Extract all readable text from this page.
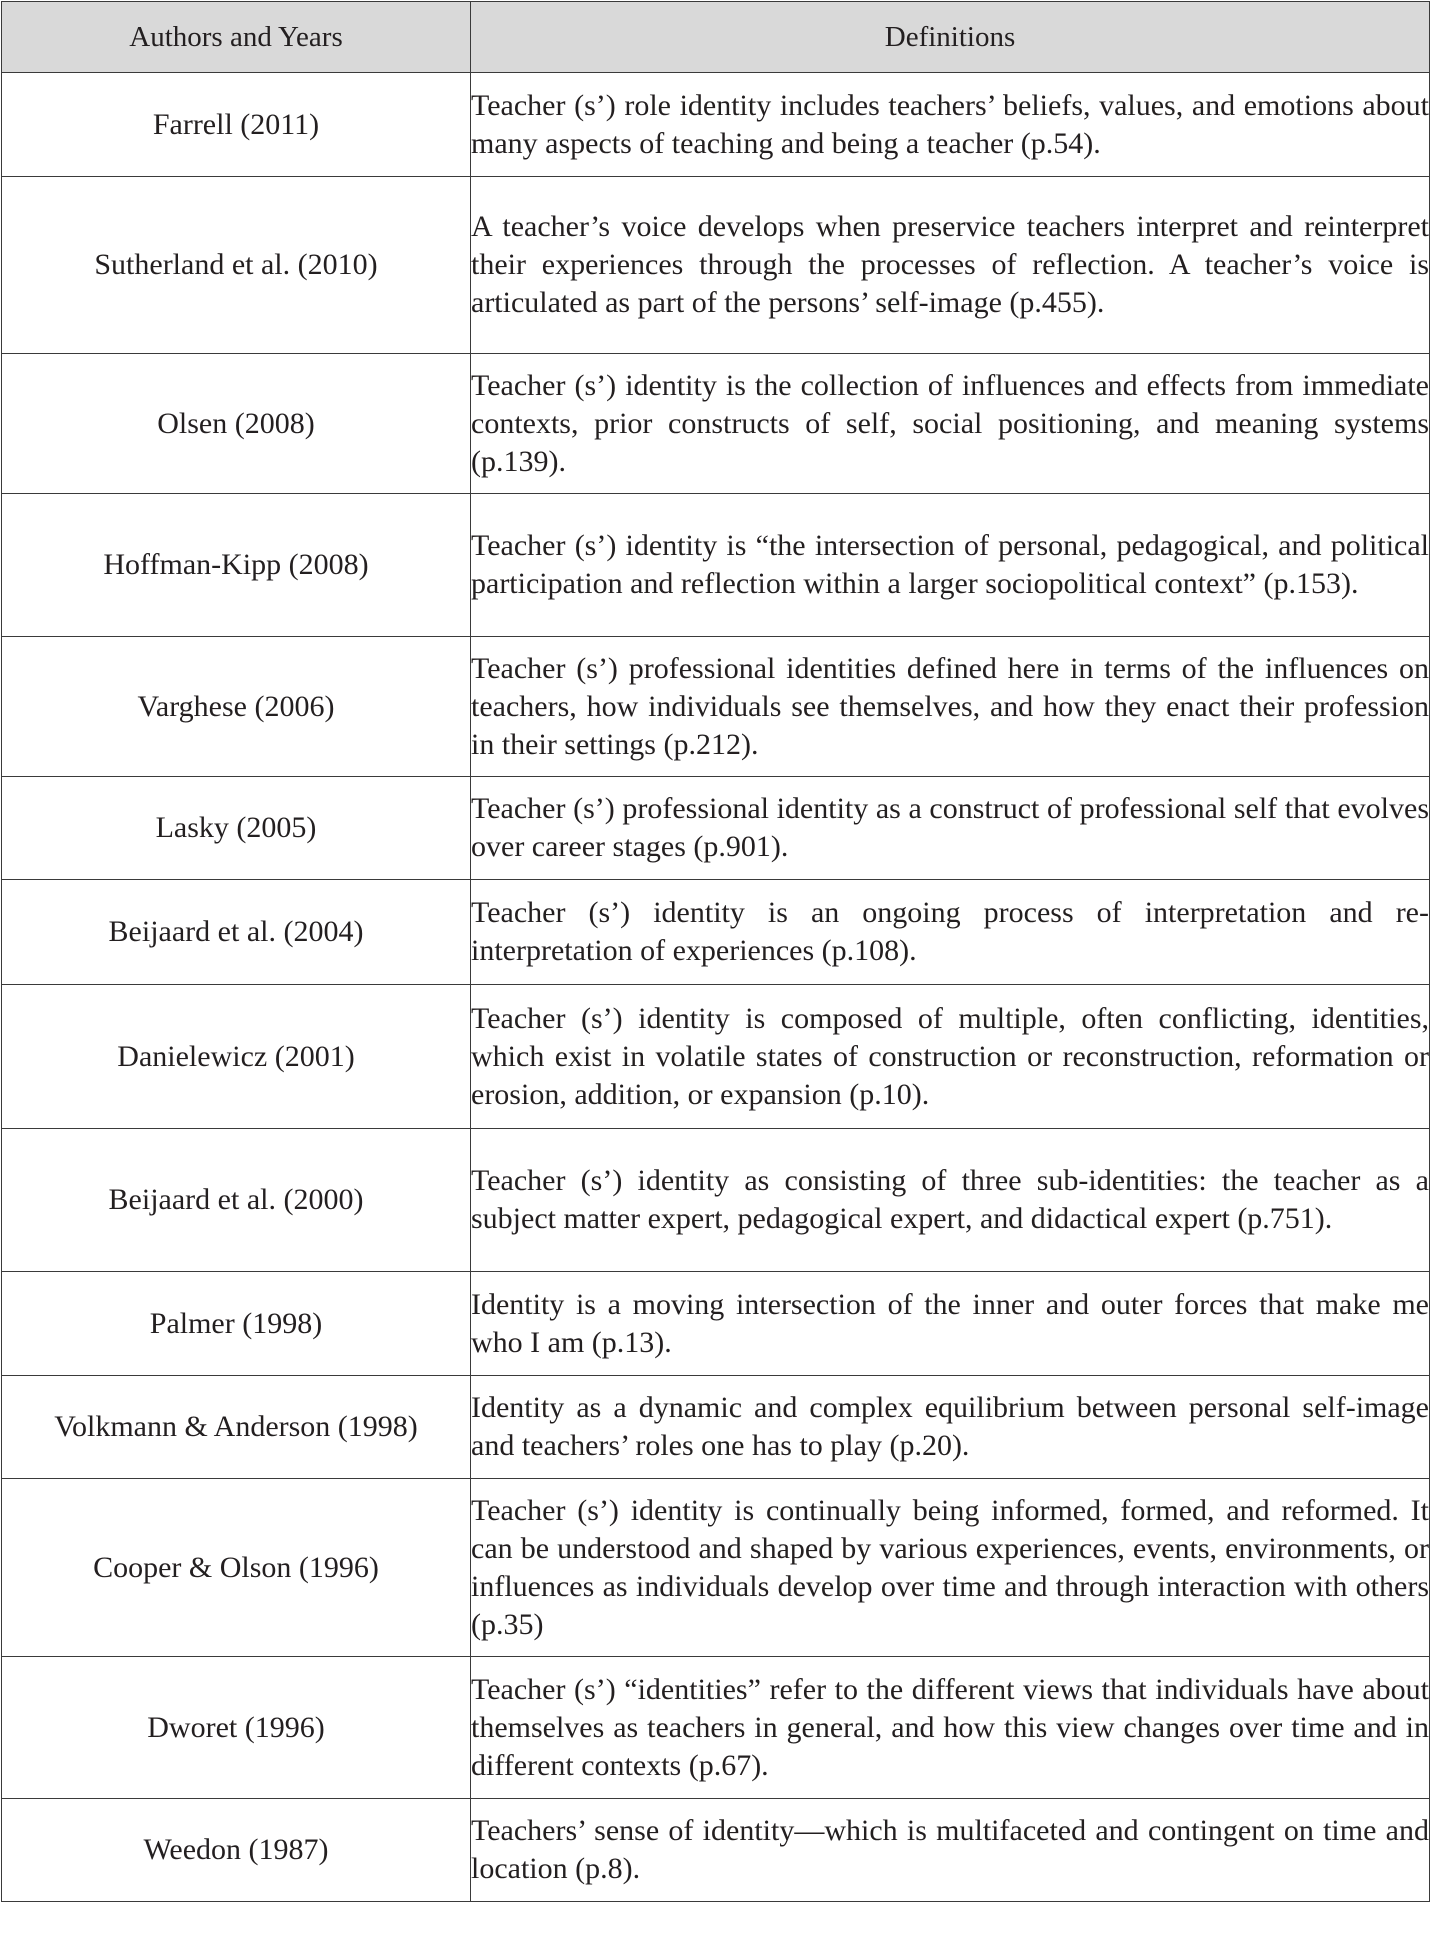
Authors and Years	Definitions
Farrell (2011)	Teacher (s’) role identity includes teachers’ beliefs, values, and emotions about many aspects of teaching and being a teacher (p.54).
Sutherland et al. (2010)	A teacher’s voice develops when preservice teachers interpret and reinterpret their experiences through the processes of reflection. A teacher’s voice is articulated as part of the persons’ self-image (p.455).
Olsen (2008)	Teacher (s’) identity is the collection of influences and effects from immediate contexts, prior constructs of self, social positioning, and meaning systems (p.139).
Hoffman-Kipp (2008)	Teacher (s’) identity is “the intersection of personal, pedagogical, and political participation and reflection within a larger sociopolitical context” (p.153).
Varghese (2006)	Teacher (s’) professional identities defined here in terms of the influences on teachers, how individuals see themselves, and how they enact their profession in their settings (p.212).
Lasky (2005)	Teacher (s’) professional identity as a construct of professional self that evolves over career stages (p.901).
Beijaard et al. (2004)	Teacher (s’) identity is an ongoing process of interpretation and re-interpretation of experiences (p.108).
Danielewicz (2001)	Teacher (s’) identity is composed of multiple, often conflicting, identities, which exist in volatile states of construction or reconstruction, reformation or erosion, addition, or expansion (p.10).
Beijaard et al. (2000)	Teacher (s’) identity as consisting of three sub-identities: the teacher as a subject matter expert, pedagogical expert, and didactical expert (p.751).
Palmer (1998)	Identity is a moving intersection of the inner and outer forces that make me who I am (p.13).
Volkmann & Anderson (1998)	Identity as a dynamic and complex equilibrium between personal self-image and teachers’ roles one has to play (p.20).
Cooper & Olson (1996)	Teacher (s’) identity is continually being informed, formed, and reformed. It can be understood and shaped by various experiences, events, environments, or influences as individuals develop over time and through interaction with others (p.35)
Dworet (1996)	Teacher (s’) “identities” refer to the different views that individuals have about themselves as teachers in general, and how this view changes over time and in different contexts (p.67).
Weedon (1987)	Teachers’ sense of identity—which is multifaceted and contingent on time and location (p.8).
